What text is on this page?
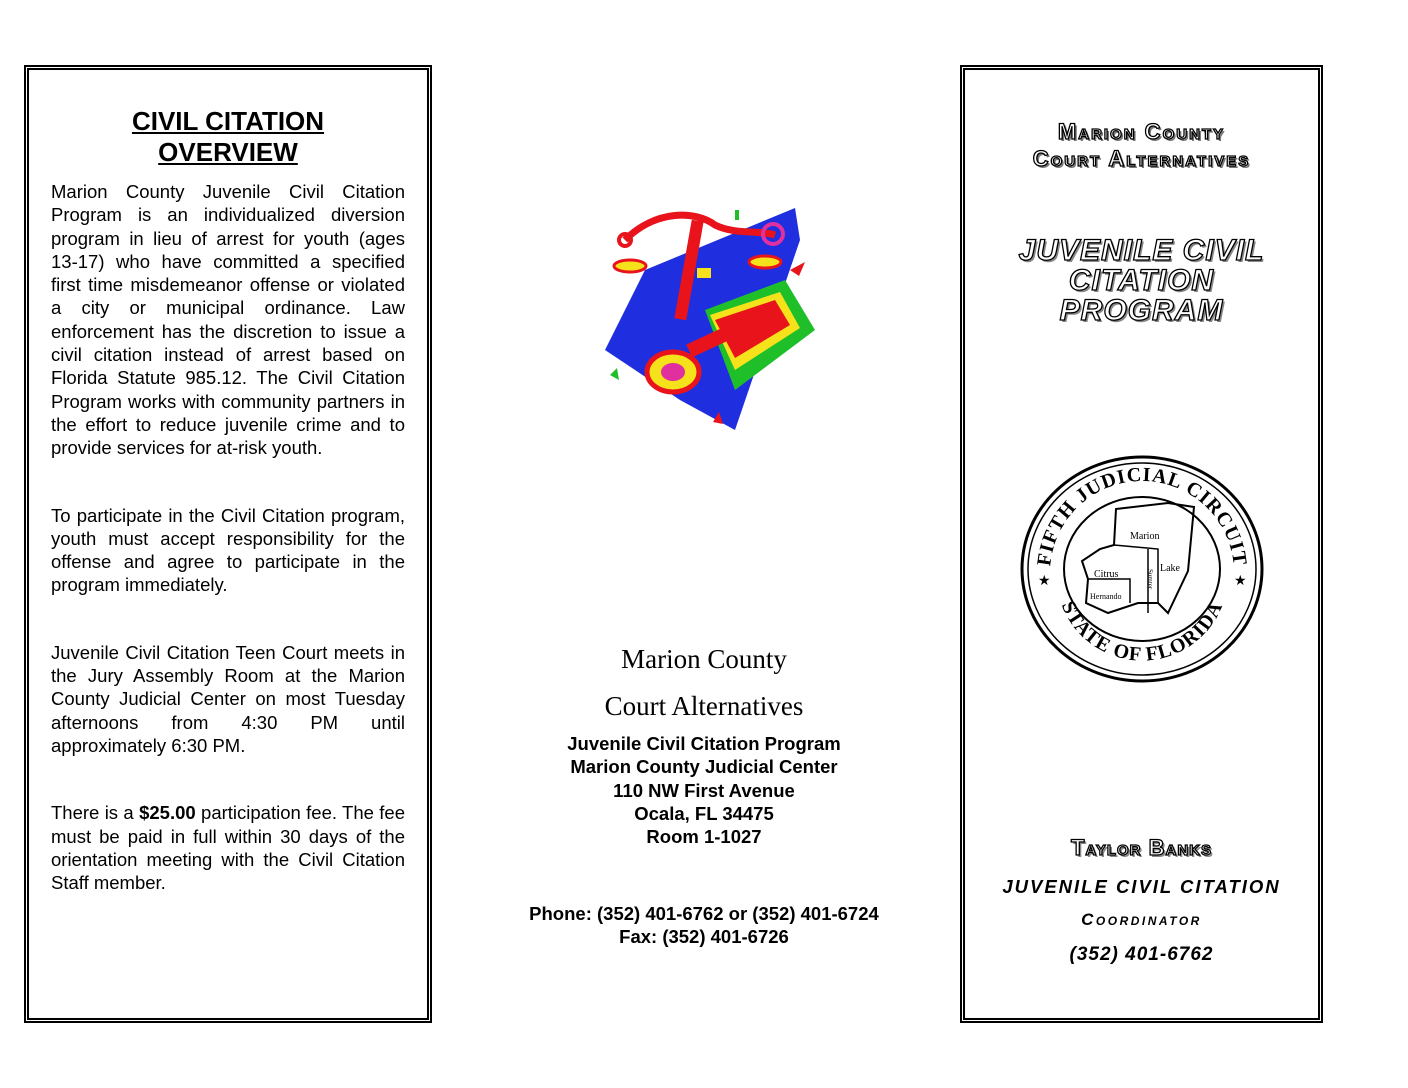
CIVIL CITATION
OVERVIEW

Marion County Juvenile Civil Citation Program is an individualized diversion program in lieu of arrest for youth (ages 13-17) who have committed a specified first time misdemeanor offense or violated a city or municipal ordinance. Law enforcement has the discretion to issue a civil citation instead of arrest based on Florida Statute 985.12. The Civil Citation Program works with community partners in the effort to reduce juvenile crime and to provide services for at-risk youth.

To participate in the Civil Citation program, youth must accept responsibility for the offense and agree to participate in the program immediately.

Juvenile Civil Citation Teen Court meets in the Jury Assembly Room at the Marion County Judicial Center on most Tuesday afternoons from 4:30 PM until approximately 6:30 PM.

There is a $25.00 participation fee. The fee must be paid in full within 30 days of the orientation meeting with the Civil Citation Staff member.

Marion County
Court Alternatives
Juvenile Civil Citation Program
Marion County Judicial Center
110 NW First Avenue
Ocala, FL 34475
Room 1-1027
Phone: (352) 401-6762 or (352) 401-6724
Fax: (352) 401-6726
Marion County
Court Alternatives
JUVENILE CIVIL
CITATION
PROGRAM
FIFTH JUDICIAL CIRCUIT
STATE OF FLORIDA
★	★
Marion
Citrus
Lake
Hernando
Sumter
Taylor Banks
JUVENILE CIVIL CITATION
Coordinator
(352) 401-6762
